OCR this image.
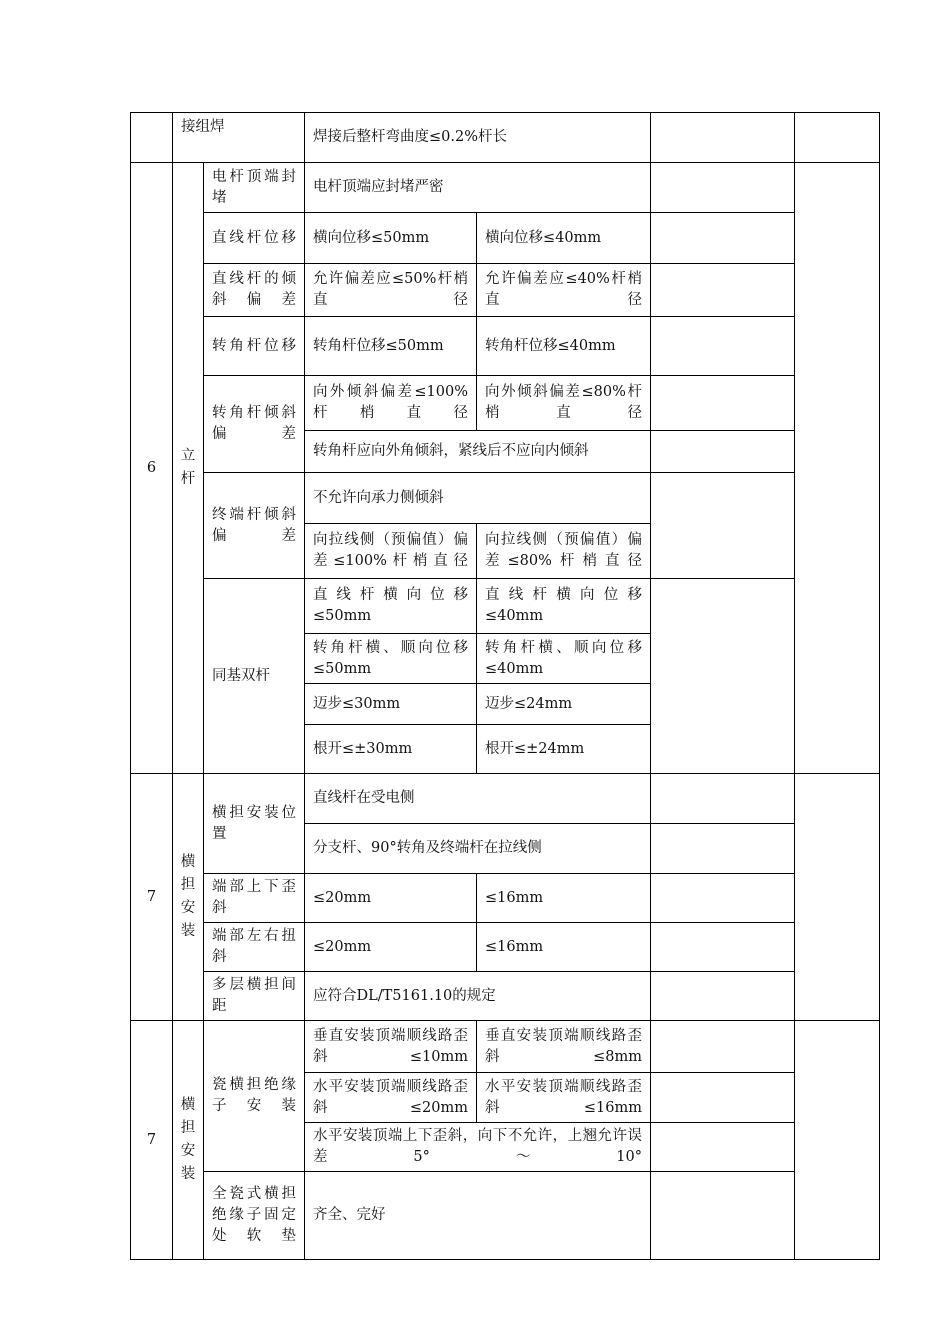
	接组焊		焊接后整杆弯曲度≤0.2%杆长			
6	立杆	电杆顶端封堵	电杆顶端应封堵严密			
		直线杆位移	横向位移≤50mm	横向位移≤40mm		
		直线杆的倾斜偏差	允许偏差应≤50%杆梢直径	允许偏差应≤40%杆梢直径		
		转角杆位移	转角杆位移≤50mm	转角杆位移≤40mm		
		转角杆倾斜偏差	向外倾斜偏差≤100%杆梢直径	向外倾斜偏差≤80%杆梢直径		
			转角杆应向外角倾斜，紧线后不应向内倾斜			
		终端杆倾斜偏差	不允许向承力侧倾斜			
			向拉线侧（预偏值）偏差≤100%杆梢直径	向拉线侧（预偏值）偏差≤80%杆梢直径		
		同基双杆	直线杆横向位移≤50mm	直线杆横向位移≤40mm		
			转角杆横、顺向位移≤50mm	转角杆横、顺向位移≤40mm		
			迈步≤30mm	迈步≤24mm		
			根开≤±30mm	根开≤±24mm		
7	横担安装	横担安装位置	直线杆在受电侧			
			分支杆、90°转角及终端杆在拉线侧			
		端部上下歪斜	≤20mm	≤16mm		
		端部左右扭斜	≤20mm	≤16mm		
		多层横担间距	应符合DL/T5161.10的规定			
7	横担安装	瓷横担绝缘子安装	垂直安装顶端顺线路歪斜≤10mm	垂直安装顶端顺线路歪斜≤8mm		
			水平安装顶端顺线路歪斜≤20mm	水平安装顶端顺线路歪斜≤16mm		
			水平安装顶端上下歪斜，向下不允许，上翘允许误差5°～10°			
		全瓷式横担绝缘子固定处软垫	齐全、完好			
